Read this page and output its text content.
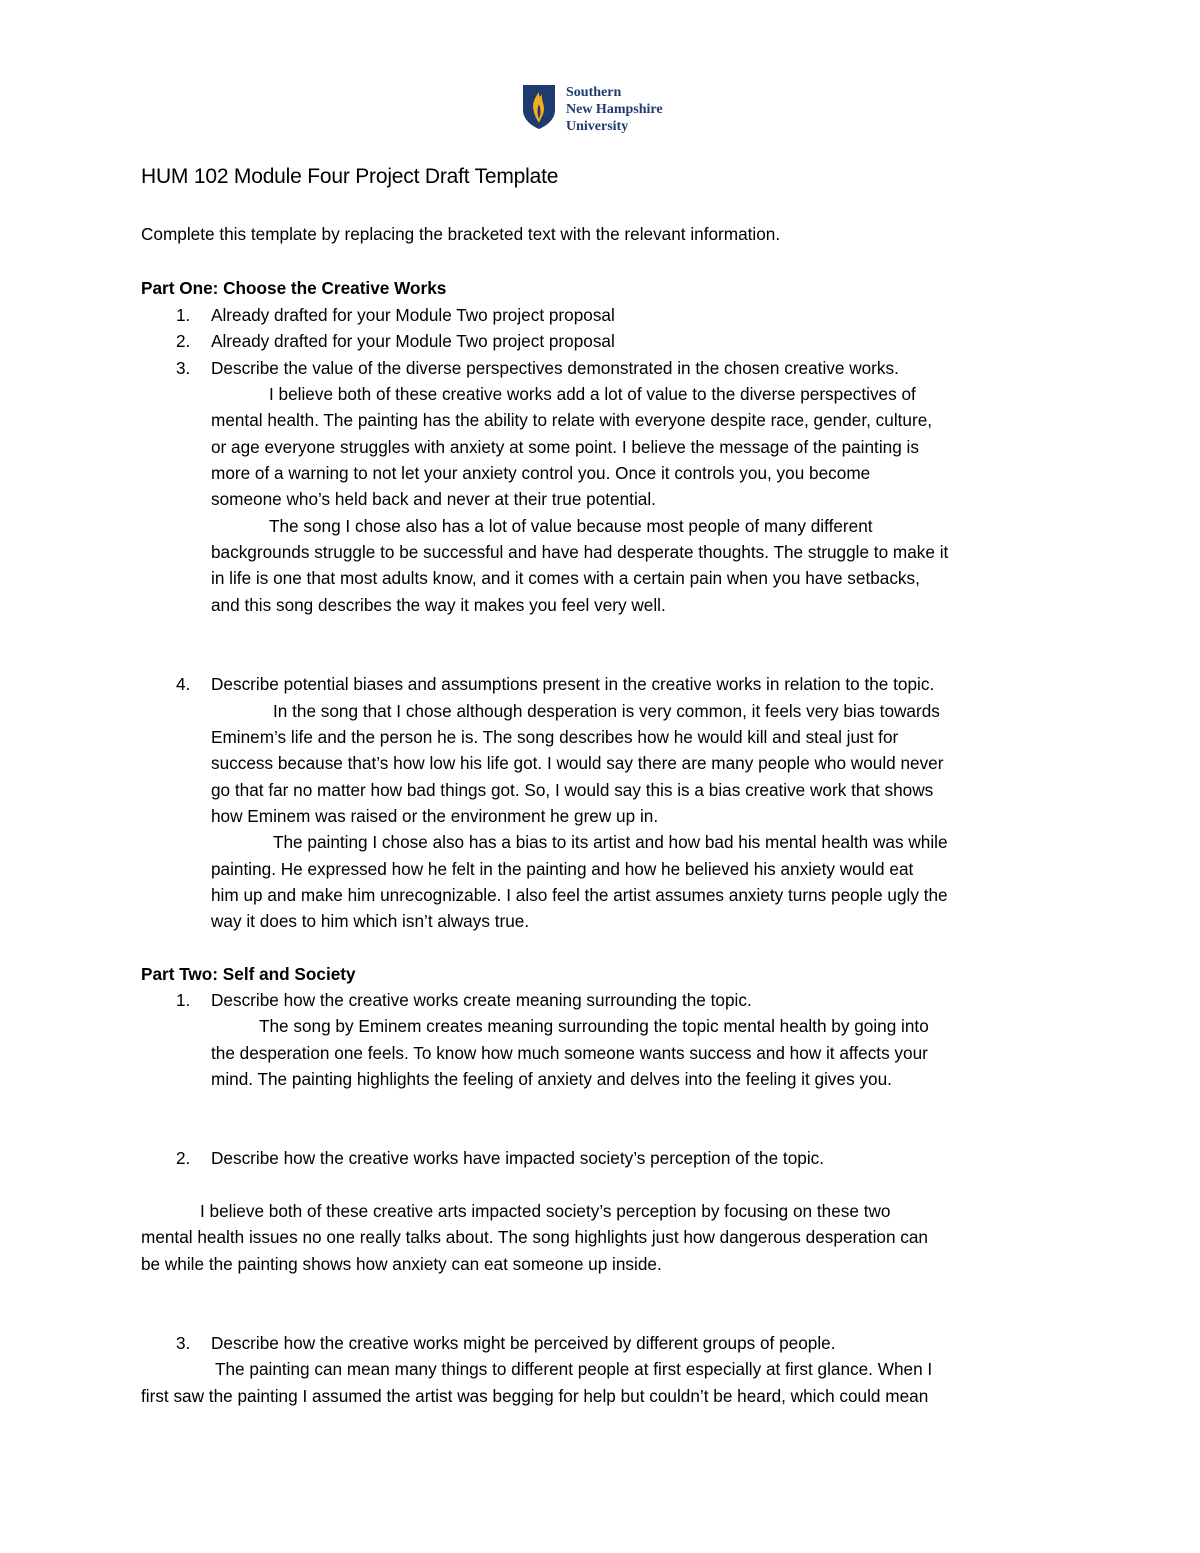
Southern
New Hampshire
University
HUM 102 Module Four Project Draft Template

Complete this template by replacing the bracketed text with the relevant information.

Part One: Choose the Creative Works

1. Already drafted for your Module Two project proposal

2. Already drafted for your Module Two project proposal

3. Describe the value of the diverse perspectives demonstrated in the chosen creative works.

I believe both of these creative works add a lot of value to the diverse perspectives of

mental health. The painting has the ability to relate with everyone despite race, gender, culture,

or age everyone struggles with anxiety at some point. I believe the message of the painting is

more of a warning to not let your anxiety control you. Once it controls you, you become

someone who’s held back and never at their true potential.

The song I chose also has a lot of value because most people of many different

backgrounds struggle to be successful and have had desperate thoughts. The struggle to make it

in life is one that most adults know, and it comes with a certain pain when you have setbacks,

and this song describes the way it makes you feel very well.

4. Describe potential biases and assumptions present in the creative works in relation to the topic.

In the song that I chose although desperation is very common, it feels very bias towards

Eminem’s life and the person he is. The song describes how he would kill and steal just for

success because that’s how low his life got. I would say there are many people who would never

go that far no matter how bad things got. So, I would say this is a bias creative work that shows

how Eminem was raised or the environment he grew up in.

The painting I chose also has a bias to its artist and how bad his mental health was while

painting. He expressed how he felt in the painting and how he believed his anxiety would eat

him up and make him unrecognizable. I also feel the artist assumes anxiety turns people ugly the

way it does to him which isn’t always true.

Part Two: Self and Society

1. Describe how the creative works create meaning surrounding the topic.

The song by Eminem creates meaning surrounding the topic mental health by going into

the desperation one feels. To know how much someone wants success and how it affects your

mind. The painting highlights the feeling of anxiety and delves into the feeling it gives you.

2. Describe how the creative works have impacted society’s perception of the topic.

I believe both of these creative arts impacted society’s perception by focusing on these two

mental health issues no one really talks about. The song highlights just how dangerous desperation can

be while the painting shows how anxiety can eat someone up inside.

3. Describe how the creative works might be perceived by different groups of people.

The painting can mean many things to different people at first especially at first glance. When I

first saw the painting I assumed the artist was begging for help but couldn’t be heard, which could mean
